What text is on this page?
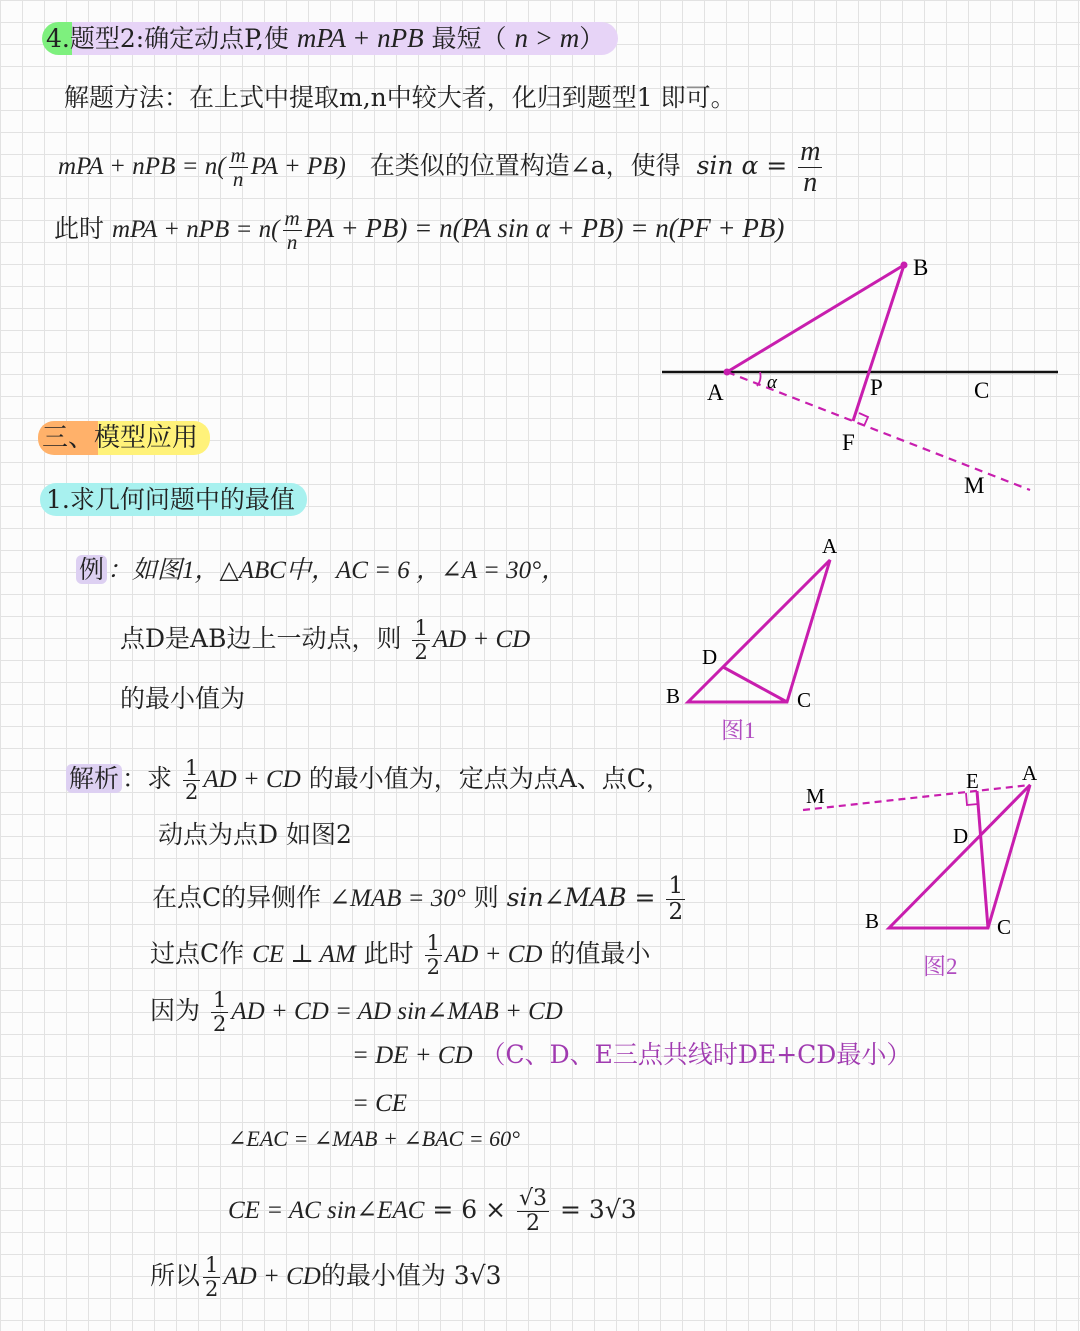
4.题型2:确定动点P,使 mPA + nPB 最短（ n > m）
解题方法：在上式中提取m,n中较大者，化归到题型1 即可。
mPA + nPB = $n( \frac{m}{n}$ PA + PB) 在类似的位置构造∠a，使得 $\sin \alpha = \frac{m}{n}$
此时 mPA + nPB = $n( \frac{m}{n}$ PA + PB) = n(PA sin α + PB) = n(PF + PB)
B
A α	P	C
F
M
三、模型应用
1.求几何问题中的最值
例 ：如图1，△ABC中，AC = 6 ，∠A = 30°，
点D是AB边上一动点，则 $\frac{1}{2}$ AD + CD
的最小值为
A
D
B	C
图1
解析 ：求 $\frac{1}{2}$ AD + CD 的最小值为，定点为点A、点C，
动点为点D 如图2
在点C的异侧作 ∠MAB = 30° 则 sin∠MAB = $\frac{1}{2}$
过点C作 CE ⊥ AM 此时 $\frac{1}{2}$ AD + CD 的值最小
因为 $\frac{1}{2}$ AD + CD = AD sin∠MAB + CD
= DE + CD （C、D、E三点共线时DE+CD最小）
= CE
∠EAC = ∠MAB + ∠BAC = 60°
CE = AC sin∠EAC = $6 \times \frac{√3}{2} = 3√3$
所以 $\frac{1}{2}$ AD + CD的最小值为 3√3
M
E A
D
B	C
图2
